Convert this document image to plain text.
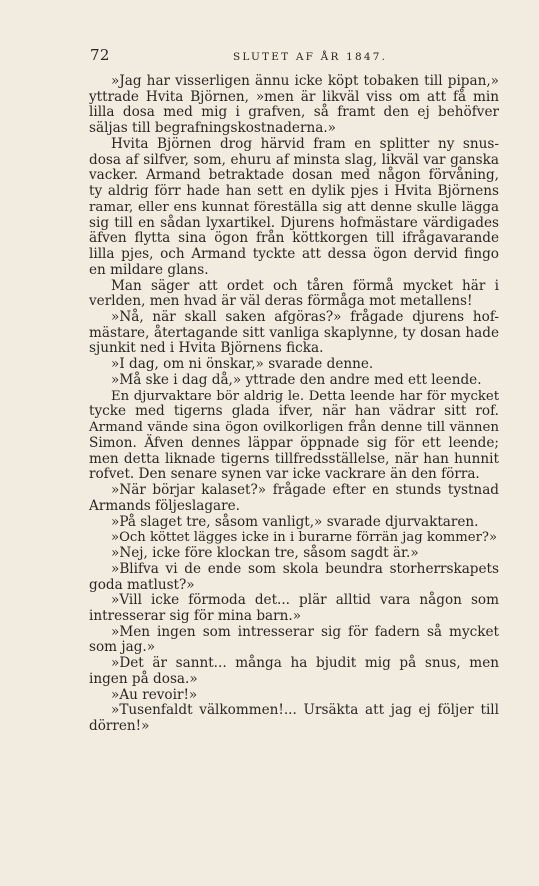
72	SLUTET AF ÅR 1847.
»Jag har visserligen ännu icke köpt tobaken till pipan,»
yttrade Hvita Björnen, »men är likväl viss om att få min
lilla dosa med mig i grafven, så framt den ej behöfver
säljas till begrafningskostnaderna.»
Hvita Björnen drog härvid fram en splitter ny snus-
dosa af silfver, som, ehuru af minsta slag, likväl var ganska
vacker. Armand betraktade dosan med någon förvåning,
ty aldrig förr hade han sett en dylik pjes i Hvita Björnens
ramar, eller ens kunnat föreställa sig att denne skulle lägga
sig till en sådan lyxartikel. Djurens hofmästare värdigades
äfven flytta sina ögon från köttkorgen till ifrågavarande
lilla pjes, och Armand tyckte att dessa ögon dervid fingo
en mildare glans.
Man säger att ordet och tåren förmå mycket här i
verlden, men hvad är väl deras förmåga mot metallens!
»Nå, när skall saken afgöras?» frågade djurens hof-
mästare, återtagande sitt vanliga skaplynne, ty dosan hade
sjunkit ned i Hvita Björnens ficka.
»I dag, om ni önskar,» svarade denne.
»Må ske i dag då,» yttrade den andre med ett leende.
En djurvaktare bör aldrig le. Detta leende har för mycket
tycke med tigerns glada ifver, när han vädrar sitt rof.
Armand vände sina ögon ovilkorligen från denne till vännen
Simon. Äfven dennes läppar öppnade sig för ett leende;
men detta liknade tigerns tillfredsställelse, när han hunnit
rofvet. Den senare synen var icke vackrare än den förra.
»När börjar kalaset?» frågade efter en stunds tystnad
Armands följeslagare.
»På slaget tre, såsom vanligt,» svarade djurvaktaren.
»Och köttet lägges icke in i burarne förrän jag kommer?»
»Nej, icke före klockan tre, såsom sagdt är.»
»Blifva vi de ende som skola beundra storherrskapets
goda matlust?»
»Vill icke förmoda det... plär alltid vara någon som
intresserar sig för mina barn.»
»Men ingen som intresserar sig för fadern så mycket
som jag.»
»Det är sannt... många ha bjudit mig på snus, men
ingen på dosa.»
»Au revoir!»
»Tusenfaldt välkommen!... Ursäkta att jag ej följer till
dörren!»
